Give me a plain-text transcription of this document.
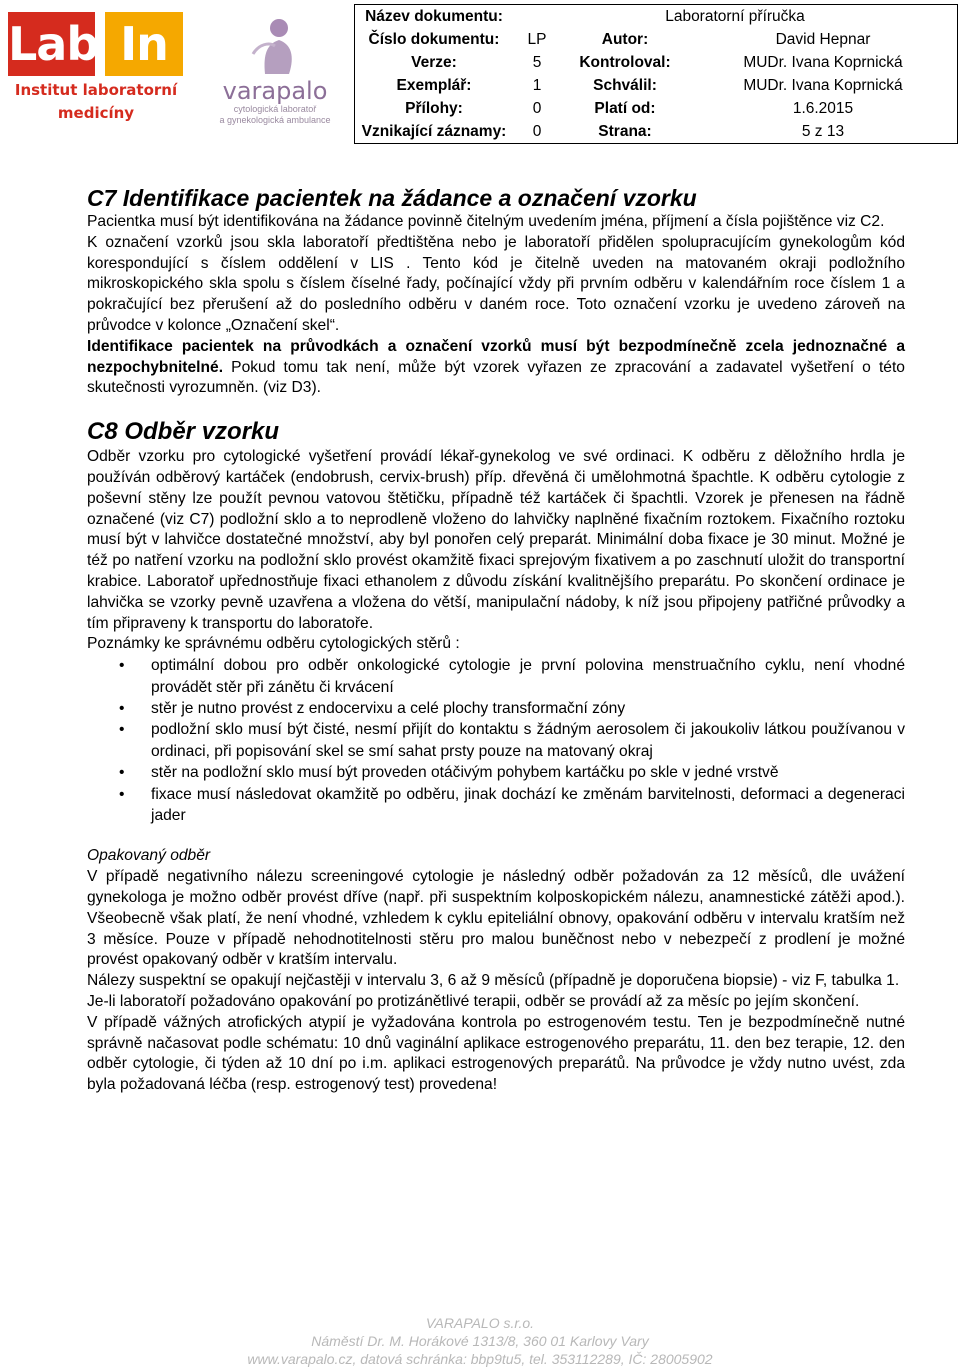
Lab In
Institut laboratorní
medicíny
varapalo
cytologická laboratoř
a gynekologická ambulance
Název dokumentu:	Laboratorní příručka		
Číslo dokumentu:	LP	Autor:	David Hepnar
Verze:	5	Kontroloval:	MUDr. Ivana Koprnická
Exemplář:	1	Schválil:	MUDr. Ivana Koprnická
Přílohy:	0	Platí od:	1.6.2015
Vznikající záznamy:	0	Strana:	5 z 13
C7 Identifikace pacientek na žádance a označení vzorku

Pacientka musí být identifikována na žádance povinně čitelným uvedením jména, příjmení a čísla pojištěnce viz C2.

K označení vzorků jsou skla laboratoří předtištěna nebo je laboratoří přidělen spolupracujícím gynekologům kód korespondující s číslem oddělení v LIS . Tento kód je čitelně uveden na matovaném okraji podložního mikroskopického skla spolu s číslem číselné řady, počínající vždy při prvním odběru v kalendářním roce číslem 1 a pokračující bez přerušení až do posledního odběru v daném roce. Toto označení vzorku je uvedeno zároveň na průvodce v kolonce „Označení skel“.

Identifikace pacientek na průvodkách a označení vzorků musí být bezpodmínečně zcela jednoznačné a nezpochybnitelné. Pokud tomu tak není, může být vzorek vyřazen ze zpracování a zadavatel vyšetření o této skutečnosti vyrozumněn. (viz D3).

C8 Odběr vzorku

Odběr vzorku pro cytologické vyšetření provádí lékař-gynekolog ve své ordinaci. K odběru z děložního hrdla je používán odběrový kartáček (endobrush, cervix-brush) příp. dřevěná či umělohmotná špachtle. K odběru cytologie z poševní stěny lze použít pevnou vatovou štětičku, případně též kartáček či špachtli. Vzorek je přenesen na řádně označené (viz C7) podložní sklo a to neprodleně vloženo do lahvičky naplněné fixačním roztokem. Fixačního roztoku musí být v lahvičce dostatečné množství, aby byl ponořen celý preparát. Minimální doba fixace je 30 minut. Možné je též po natření vzorku na podložní sklo provést okamžitě fixaci sprejovým fixativem a po zaschnutí uložit do transportní krabice. Laboratoř upřednostňuje fixaci ethanolem z důvodu získání kvalitnějšího preparátu. Po skončení ordinace je lahvička se vzorky pevně uzavřena a vložena do větší, manipulační nádoby, k níž jsou připojeny patřičné průvodky a tím připraveny k transportu do laboratoře.

Poznámky ke správnému odběru cytologických stěrů :

• optimální dobou pro odběr onkologické cytologie je první polovina menstruačního cyklu, není vhodné provádět stěr při zánětu či krvácení
• stěr je nutno provést z endocervixu a celé plochy transformační zóny
• podložní sklo musí být čisté, nesmí přijít do kontaktu s žádným aerosolem či jakoukoliv látkou používanou v ordinaci, při popisování skel se smí sahat prsty pouze na matovaný okraj
• stěr na podložní sklo musí být proveden otáčivým pohybem kartáčku po skle v jedné vrstvě
• fixace musí následovat okamžitě po odběru, jinak dochází ke změnám barvitelnosti, deformaci a degeneraci jader

Opakovaný odběr

V případě negativního nálezu screeningové cytologie je následný odběr požadován za 12 měsíců, dle uvážení gynekologa je možno odběr provést dříve (např. při suspektním kolposkopickém nálezu, anamnestické zátěži apod.). Všeobecně však platí, že není vhodné, vzhledem k cyklu epiteliální obnovy, opakování odběru v intervalu kratším než 3 měsíce. Pouze v případě nehodnotitelnosti stěru pro malou buněčnost nebo v nebezpečí z prodlení je možné provést opakovaný odběr v kratším intervalu.

Nálezy suspektní se opakují nejčastěji v intervalu 3, 6 až 9 měsíců (případně je doporučena biopsie) - viz F, tabulka 1.

Je-li laboratoří požadováno opakování po protizánětlivé terapii, odběr se provádí až za měsíc po jejím skončení.

V případě vážných atrofických atypií je vyžadována kontrola po estrogenovém testu. Ten je bezpodmínečně nutné správně načasovat podle schématu: 10 dnů vaginální aplikace estrogenového preparátu, 11. den bez terapie, 12. den odběr cytologie, či týden až 10 dní po i.m. aplikaci estrogenových preparátů. Na průvodce je vždy nutno uvést, zda byla požadovaná léčba (resp. estrogenový test) provedena!

VARAPALO s.r.o.
Náměstí Dr. M. Horákové 1313/8, 360 01 Karlovy Vary
www.varapalo.cz, datová schránka: bbp9tu5, tel. 353112289, IČ: 28005902
